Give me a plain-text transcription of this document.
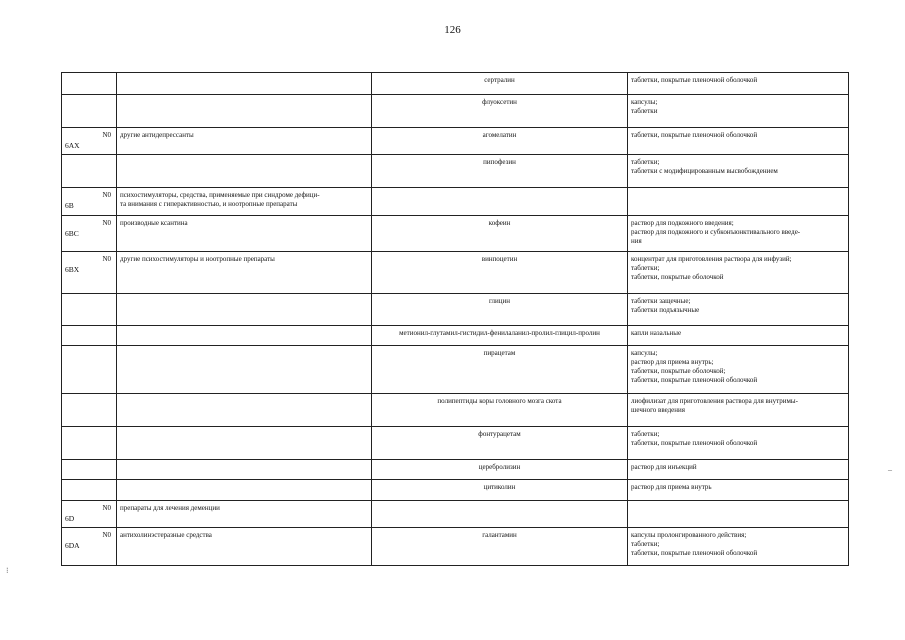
126
⁝
–
		сертралин	таблетки, покрытые пленочной оболочкой

		флуоксетин	капсулы;
таблетки

N0
6AX	другие антидепрессанты	агомелатин	таблетки, покрытые пленочной оболочкой

		пипофезин	таблетки;
таблетки с модифицированным высвобождением

N0
6B	психостимуляторы, средства, применяемые при синдроме дефици-
та внимания с гиперактивностью, и ноотропные препараты		

N0
6BC	производные ксантина	кофеин	раствор для подкожного введения;
раствор для подкожного и субконъюнктивального введе-
ния

N0
6BX	другие психостимуляторы и ноотропные препараты	винпоцетин	концентрат для приготовления раствора для инфузий;
таблетки;
таблетки, покрытые оболочкой

		глицин	таблетки защечные;
таблетки подъязычные

		метионил-глутамил-гистидил-фенилаланил-пролил-глицил-пролин	капли назальные

		пирацетам	капсулы;
раствор для приема внутрь;
таблетки, покрытые оболочкой;
таблетки, покрытые пленочной оболочкой

		полипептиды коры головного мозга скота	лиофилизат для приготовления раствора для внутримы-
шечного введения

		фонтурацетам	таблетки;
таблетки, покрытые пленочной оболочкой

		церебролизин	раствор для инъекций

		цитиколин	раствор для приема внутрь

N0
6D	препараты для лечения деменции		

N0
6DA	антихолинэстеразные средства	галантамин	капсулы пролонгированного действия;
таблетки;
таблетки, покрытые пленочной оболочкой
